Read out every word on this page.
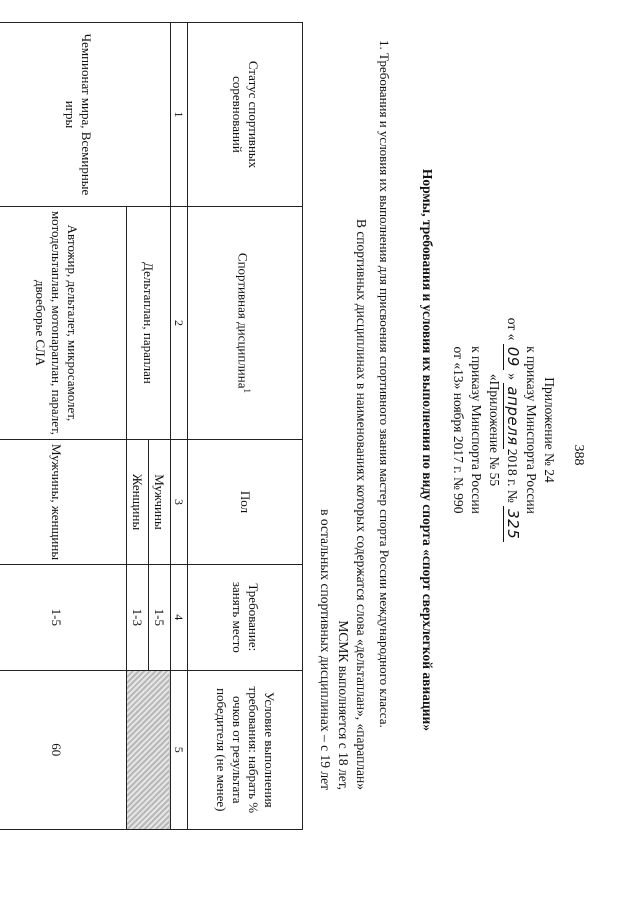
388
Приложение № 24
к приказу Минспорта России
от « 09 » апреля2018 г. № 325
«Приложение № 55
к приказу Минспорта России
от «13» ноября 2017 г. № 990
Нормы, требования и условия их выполнения по виду спорта «спорт сверхлегкой авиации»
1. Требования и условия их выполнения для присвоения спортивного звания мастер спорта России международного класса.
В спортивных дисциплинах в наименованиях которых содержатся слова «дельтаплан», «параплан»
МСМК выполняется с 18 лет,
в остальных спортивных дисциплинах – с 19 лет
Статус спортивных соревнований	Спортивная дисциплина$^1$	Пол	Требование: занять место	Условие выполнения требования: набрать % очков от результата победителя (не менее)
1	2	3	4	5
Чемпионат мира, Всемирные игры	Дельтаплан, параплан	Мужчины	1-5	
		Женщины	1-3	
	Автожир, дельталет, микросамолет, мотодельтаплан, мотопараплан, паралет, двоеборье СЛА	Мужчины, женщины	1-5	60
